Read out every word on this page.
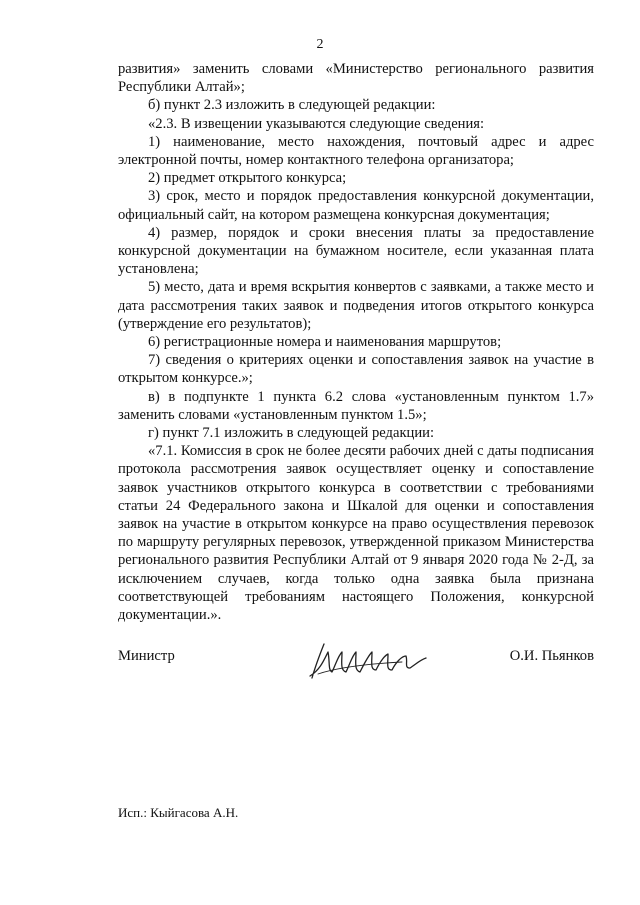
2

развития» заменить словами «Министерство регионального развития Республики Алтай»;

б) пункт 2.3 изложить в следующей редакции:

«2.3. В извещении указываются следующие сведения:

1) наименование, место нахождения, почтовый адрес и адрес электронной почты, номер контактного телефона организатора;

2) предмет открытого конкурса;

3) срок, место и порядок предоставления конкурсной документации, официальный сайт, на котором размещена конкурсная документация;

4) размер, порядок и сроки внесения платы за предоставление конкурсной документации на бумажном носителе, если указанная плата установлена;

5) место, дата и время вскрытия конвертов с заявками, а также место и дата рассмотрения таких заявок и подведения итогов открытого конкурса (утверждение его результатов);

6) регистрационные номера и наименования маршрутов;

7) сведения о критериях оценки и сопоставления заявок на участие в открытом конкурсе.»;

в) в подпункте 1 пункта 6.2 слова «установленным пунктом 1.7» заменить словами «установленным пунктом 1.5»;

г) пункт 7.1 изложить в следующей редакции:

«7.1. Комиссия в срок не более десяти рабочих дней с даты подписания протокола рассмотрения заявок осуществляет оценку и сопоставление заявок участников открытого конкурса в соответствии с требованиями статьи 24 Федерального закона и Шкалой для оценки и сопоставления заявок на участие в открытом конкурсе на право осуществления перевозок по маршруту регулярных перевозок, утвержденной приказом Министерства регионального развития Республики Алтай от 9 января 2020 года № 2-Д, за исключением случаев, когда только одна заявка была признана соответствующей требованиям настоящего Положения, конкурсной документации.».

Министр	О.И. Пьянков
Исп.: Кыйгасова А.Н.
